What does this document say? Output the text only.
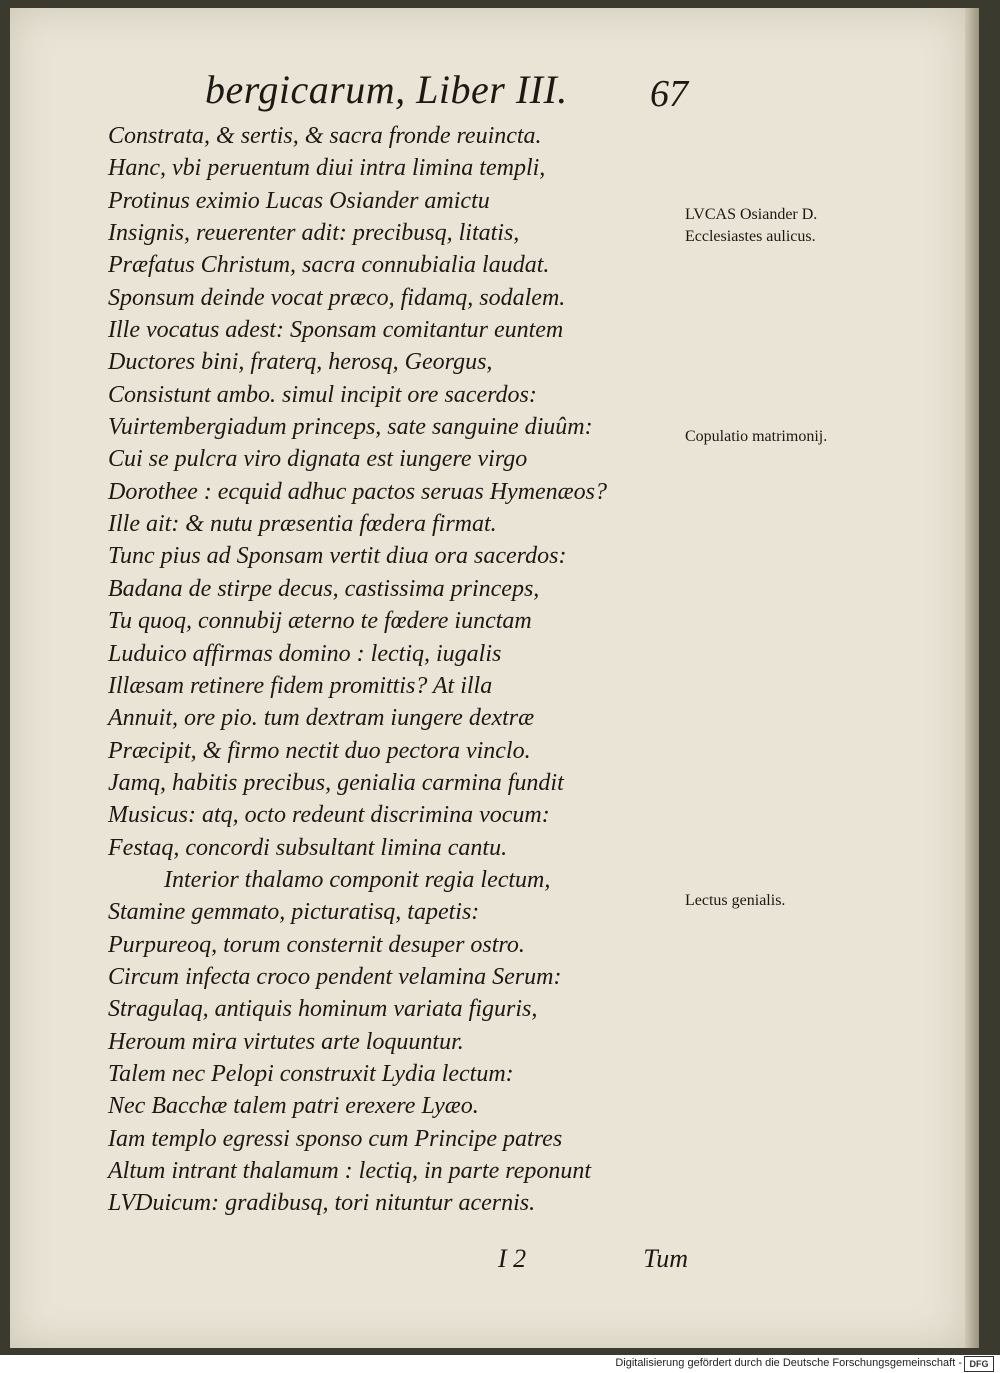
bergicarum, Liber III. 67
Constrata, & sertis, & sacra fronde reuincta.
Hanc, vbi peruentum diui intra limina templi,
Protinus eximio Lucas Osiander amictu
Insignis, reuerenter adit: precibusq, litatis,
Præfatus Christum, sacra connubialia laudat.
Sponsum deinde vocat præco, fidamq, sodalem.
Ille vocatus adest: Sponsam comitantur euntem
Ductores bini, fraterq, herosq, Georgus,
Consistunt ambo. simul incipit ore sacerdos:
Vuirtembergiadum princeps, sate sanguine diuûm:
Cui se pulcra viro dignata est iungere virgo
Dorothee : ecquid adhuc pactos seruas Hymenæos?
Ille ait: & nutu præsentia fœdera firmat.
Tunc pius ad Sponsam vertit diua ora sacerdos:
Badana de stirpe decus, castissima princeps,
Tu quoq, connubij æterno te fœdere iunctam
Luduico affirmas domino : lectiq, iugalis
Illæsam retinere fidem promittis? At illa
Annuit, ore pio. tum dextram iungere dextræ
Præcipit, & firmo nectit duo pectora vinclo.
Jamq, habitis precibus, genialia carmina fundit
Musicus: atq, octo redeunt discrimina vocum:
Festaq, concordi subsultant limina cantu.
Interior thalamo componit regia lectum,
Stamine gemmato, picturatisq, tapetis:
Purpureoq, torum consternit desuper ostro.
Circum infecta croco pendent velamina Serum:
Stragulaq, antiquis hominum variata figuris,
Heroum mira virtutes arte loquuntur.
Talem nec Pelopi construxit Lydia lectum:
Nec Bacchæ talem patri erexere Lyæo.
Iam templo egressi sponso cum Principe patres
Altum intrant thalamum : lectiq, in parte reponunt
LVDuicum: gradibusq, tori nituntur acernis.
LVCAS Osiander D. Ecclesiastes aulicus.
Copulatio matrimonij.
Lectus genialis.
I 2	Tum
Digitalisierung gefördert durch die Deutsche Forschungsgemeinschaft - DFG
